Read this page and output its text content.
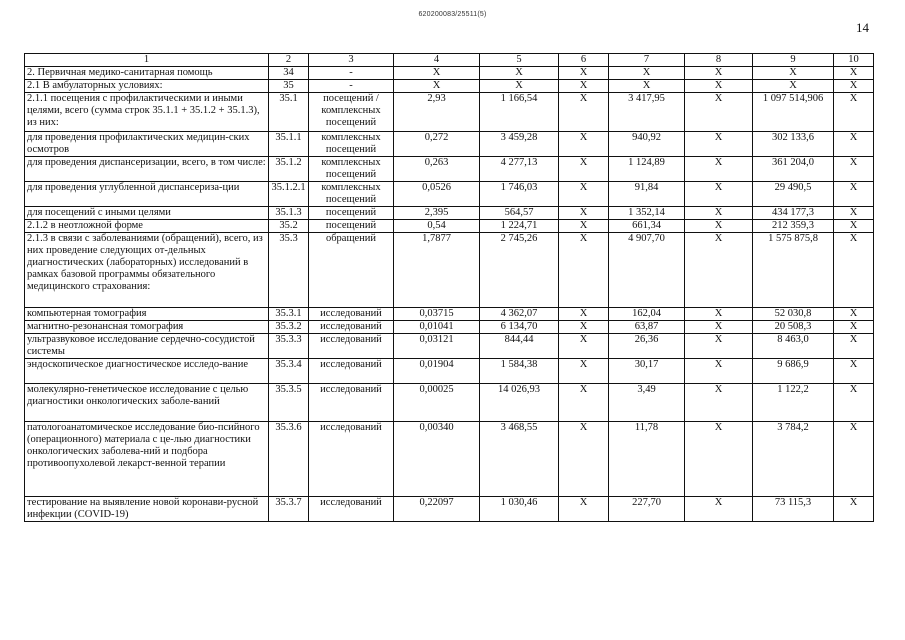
620200083/25511(5)
14
1	2	3	4	5	6	7	8	9	10
2. Первичная медико-санитарная помощь	34	-	X	X	X	X	X	X	X
2.1 В амбулаторных условиях:	35	-	X	X	X	X	X	X	X
2.1.1 посещения с профилактическими и иными целями, всего (сумма строк 35.1.1 + 35.1.2 + 35.1.3), из них:	35.1	посещений / комплексных посещений	2,93	1 166,54	X	3 417,95	X	1 097 514,906	X
для проведения профилактических медицин-ских осмотров	35.1.1	комплексных посещений	0,272	3 459,28	X	940,92	X	302 133,6	X
для проведения диспансеризации, всего, в том числе:	35.1.2	комплексных посещений	0,263	4 277,13	X	1 124,89	X	361 204,0	X
для проведения углубленной диспансериза-ции	35.1.2.1	комплексных посещений	0,0526	1 746,03	X	91,84	X	29 490,5	X
для посещений с иными целями	35.1.3	посещений	2,395	564,57	X	1 352,14	X	434 177,3	X
2.1.2 в неотложной форме	35.2	посещений	0,54	1 224,71	X	661,34	X	212 359,3	X
2.1.3 в связи с заболеваниями (обращений), всего, из них проведение следующих от-дельных диагностических (лабораторных) исследований в рамках базовой программы обязательного медицинского страхования:	35.3	обращений	1,7877	2 745,26	X	4 907,70	X	1 575 875,8	X
компьютерная томография	35.3.1	исследований	0,03715	4 362,07	X	162,04	X	52 030,8	X
магнитно-резонансная томография	35.3.2	исследований	0,01041	6 134,70	X	63,87	X	20 508,3	X
ультразвуковое исследование сердечно-сосудистой системы	35.3.3	исследований	0,03121	844,44	X	26,36	X	8 463,0	X
эндоскопическое диагностическое исследо-вание	35.3.4	исследований	0,01904	1 584,38	X	30,17	X	9 686,9	X
молекулярно-генетическое исследование с целью диагностики онкологических заболе-ваний	35.3.5	исследований	0,00025	14 026,93	X	3,49	X	1 122,2	X
патологоанатомическое исследование био-псийного (операционного) материала с це-лью диагностики онкологических заболева-ний и подбора противоопухолевой лекарст-венной терапии	35.3.6	исследований	0,00340	3 468,55	X	11,78	X	3 784,2	X
тестирование на выявление новой коронави-русной инфекции (COVID-19)	35.3.7	исследований	0,22097	1 030,46	X	227,70	X	73 115,3	X
